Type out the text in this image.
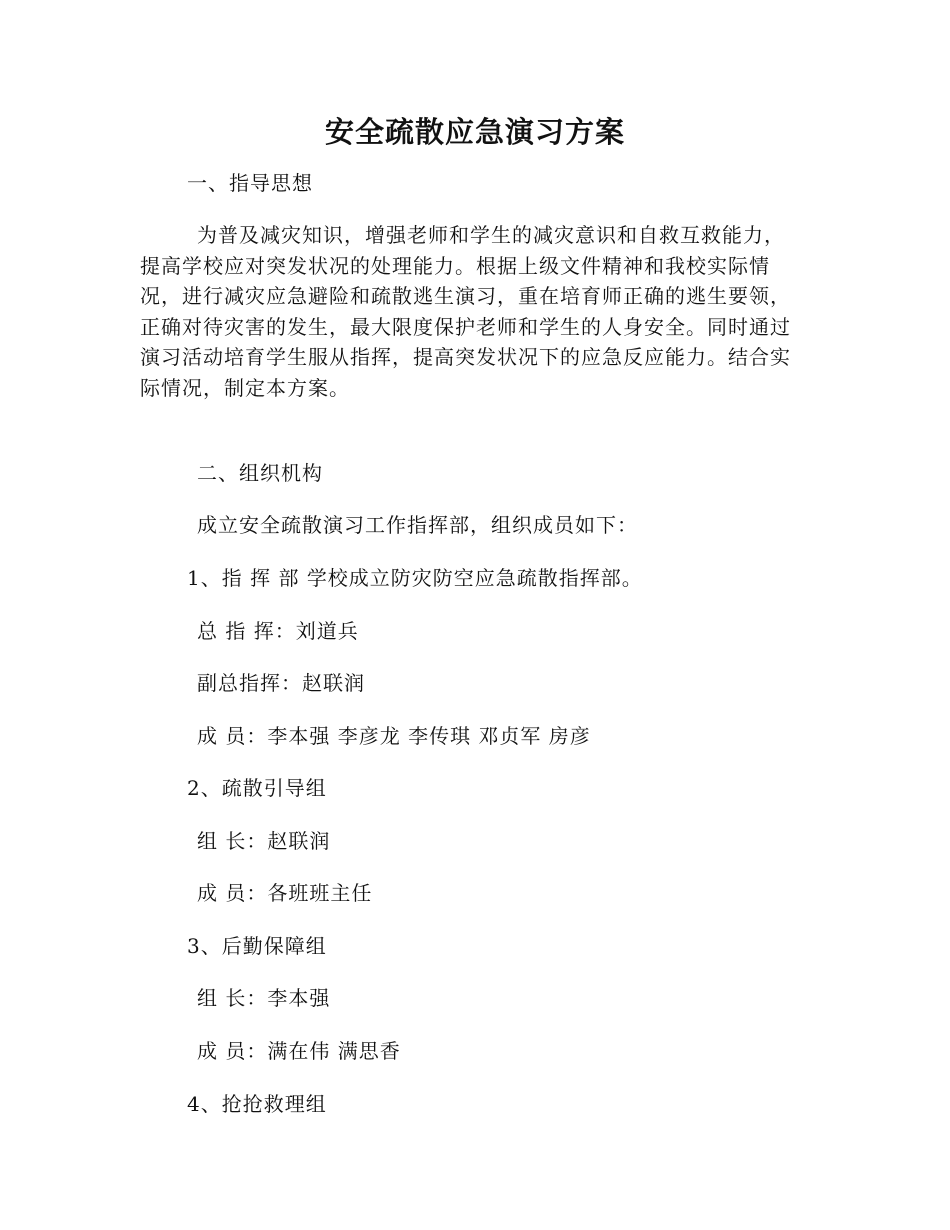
安全疏散应急演习方案
一、指导思想
为普及减灾知识，增强老师和学生的减灾意识和自救互救能力，提高学校应对突发状况的处理能力。根据上级文件精神和我校实际情况，进行减灾应急避险和疏散逃生演习，重在培育师正确的逃生要领，正确对待灾害的发生，最大限度保护老师和学生的人身安全。同时通过演习活动培育学生服从指挥，提高突发状况下的应急反应能力。结合实际情况，制定本方案。
二、组织机构
成立安全疏散演习工作指挥部，组织成员如下：
1、指 挥 部 学校成立防灾防空应急疏散指挥部。
总 指 挥：刘道兵
副总指挥：赵联润
成 员：李本强 李彦龙 李传琪 邓贞军 房彦
2、疏散引导组
组 长：赵联润
成 员：各班班主任
3、后勤保障组
组 长：李本强
成 员：满在伟 满思香
4、抢抢救理组
